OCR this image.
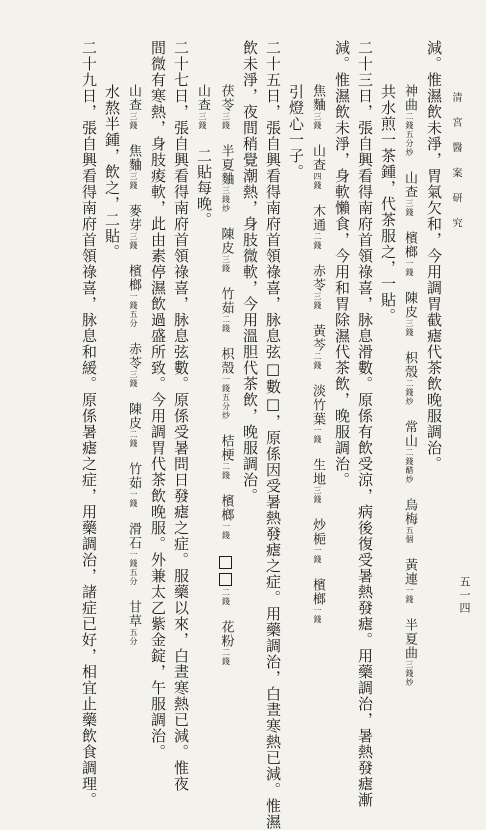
清 宮 醫 案 研 究
五一四
減。惟濕飲未淨，胃氣欠和，今用調胃截瘧代茶飲晚服調治。
神曲二錢五分炒山查三錢檳榔一錢陳皮三錢枳殼二錢炒常山二錢醋炒烏梅五個黃連一錢半夏曲三錢炒
共水煎一茶鍾，代茶服之，一貼。
二十三日，張自興看得南府首領祿喜，脉息滑數。原係有飲受涼，病後復受暑熱發瘧。用藥調治，暑熱發瘧漸
減。惟濕飲未淨，身軟懶食，今用和胃除濕代茶飲，晚服調治。
焦麯三錢山查四錢木通二錢赤苓三錢黃芩二錢淡竹葉一錢生地三錢炒梔一錢檳榔一錢
引燈心一子。
二十五日，張自興看得南府首領祿喜，脉息弦□數□，原係因受暑熱發瘧之症。用藥調治，白晝寒熱已減。惟濕
飲未淨，夜間稍覺潮熱，身肢微軟，今用溫胆代茶飲，晚服調治。
茯苓三錢半夏麯三錢炒陳皮三錢竹茹二錢枳殼一錢五分炒桔梗二錢檳榔一錢二錢花粉二錢
山查三錢
二貼每晚。
二十七日，張自興看得南府首領祿喜，脉息弦數。原係受暑問日發瘧之症。服藥以來，白晝寒熱已減。惟夜
間微有寒熱，身肢痠軟，此由素停濕飲過盛所致。今用調胃代茶飲晚服。外兼太乙紫金錠，午服調治。
山查三錢焦麯三錢麥芽三錢檳榔一錢五分赤苓三錢陳皮二錢竹茹一錢滑石一錢五分甘草五分
水熬半鍾，飲之，二貼。
二十九日，張自興看得南府首領祿喜，脉息和緩。原係暑瘧之症，用藥調治，諸症已好，相宜止藥飲食調理。
